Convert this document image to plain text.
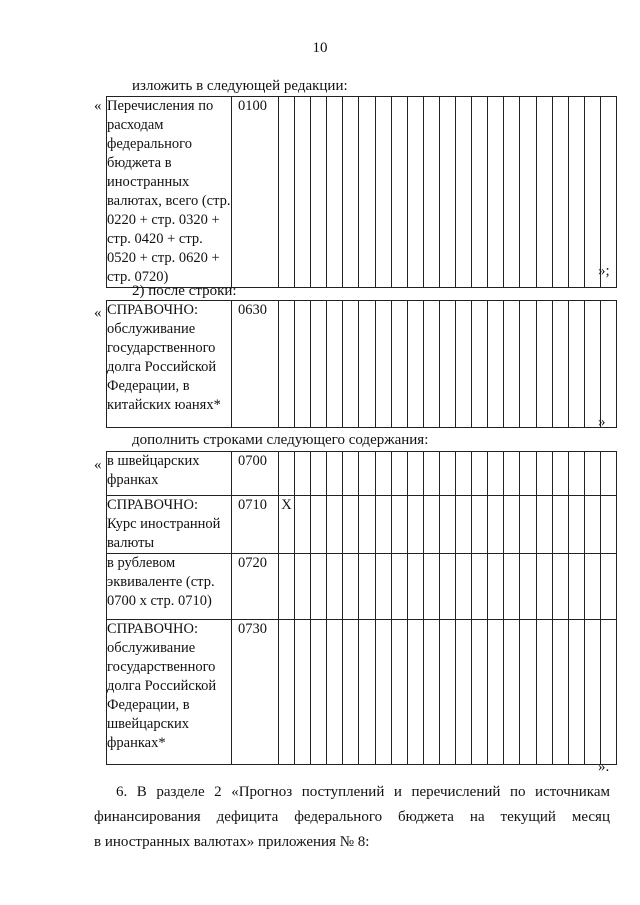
10
изложить в следующей редакции:
« Перечисления по расходам федерального бюджета в иностранных валютах, всего (стр. 0220 + стр. 0320 + стр. 0420 + стр. 0520 + стр. 0620 + стр. 0720)	0100																					
»;
2) после строки:
« СПРАВОЧНО: обслуживание государственного долга Российской Федерации, в китайских юанях*	0630																					
»
дополнить строками следующего содержания:
« в швейцарских франках	0700																					
СПРАВОЧНО: Курс иностранной валюты	0710	X																				
в рублевом эквиваленте (стр. 0700 x стр. 0710)	0720																					
СПРАВОЧНО: обслуживание государственного долга Российской Федерации, в швейцарских франках*	0730																					
».
6. В разделе 2 «Прогноз поступлений и перечислений по источникам
финансирования дефицита федерального бюджета на текущий месяц
в иностранных валютах» приложения № 8:
